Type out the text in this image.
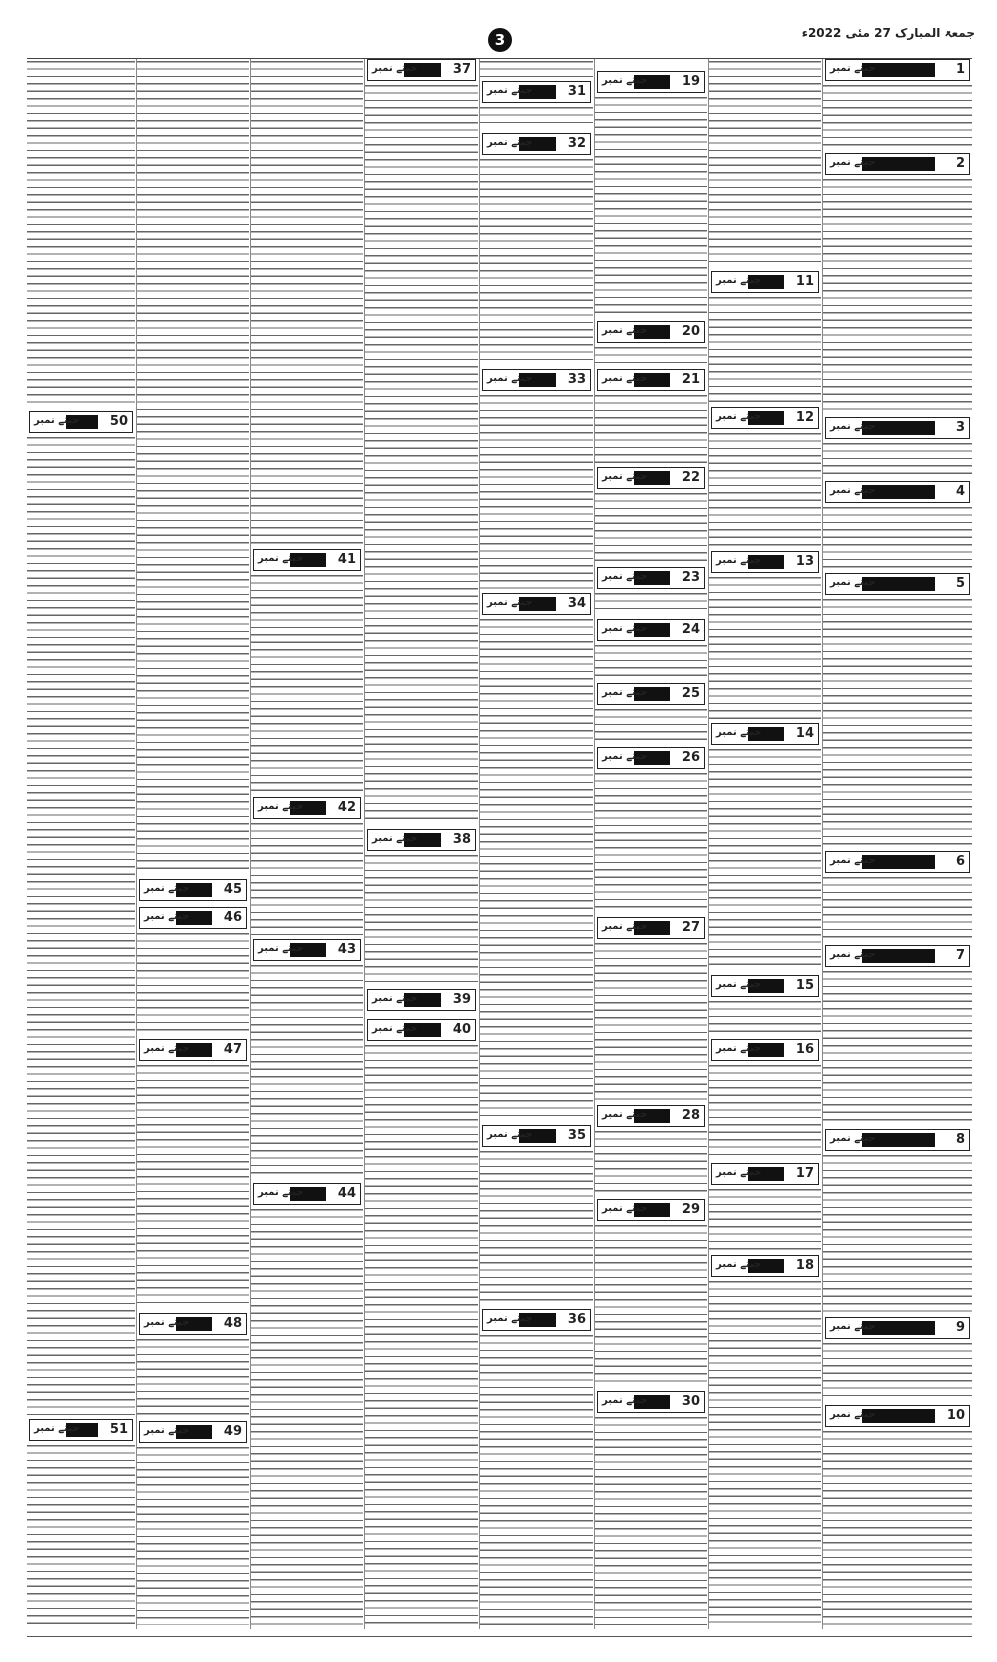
جمعۃ المبارک 27 مئی 2022ء
3
50
جیتے نمبر
51
جیتے نمبر
45
جیتے نمبر
46
جیتے نمبر
47
جیتے نمبر
48
جیتے نمبر
49
جیتے نمبر
41
جیتے نمبر
42
جیتے نمبر
43
جیتے نمبر
44
جیتے نمبر
37
جیتے نمبر
38
جیتے نمبر
39
جیتے نمبر
40
جیتے نمبر
31
جیتے نمبر
32
جیتے نمبر
33
جیتے نمبر
34
جیتے نمبر
35
جیتے نمبر
36
جیتے نمبر
19
جیتے نمبر
20
جیتے نمبر
21
جیتے نمبر
22
جیتے نمبر
23
جیتے نمبر
24
جیتے نمبر
25
جیتے نمبر
26
جیتے نمبر
27
جیتے نمبر
28
جیتے نمبر
29
جیتے نمبر
30
جیتے نمبر
11
جیتے نمبر
12
جیتے نمبر
13
جیتے نمبر
14
جیتے نمبر
15
جیتے نمبر
16
جیتے نمبر
17
جیتے نمبر
18
جیتے نمبر
1
جیتے نمبر
2
جیتے نمبر
3
جیتے نمبر
4
جیتے نمبر
5
جیتے نمبر
6
جیتے نمبر
7
جیتے نمبر
8
جیتے نمبر
9
جیتے نمبر
10
جیتے نمبر
